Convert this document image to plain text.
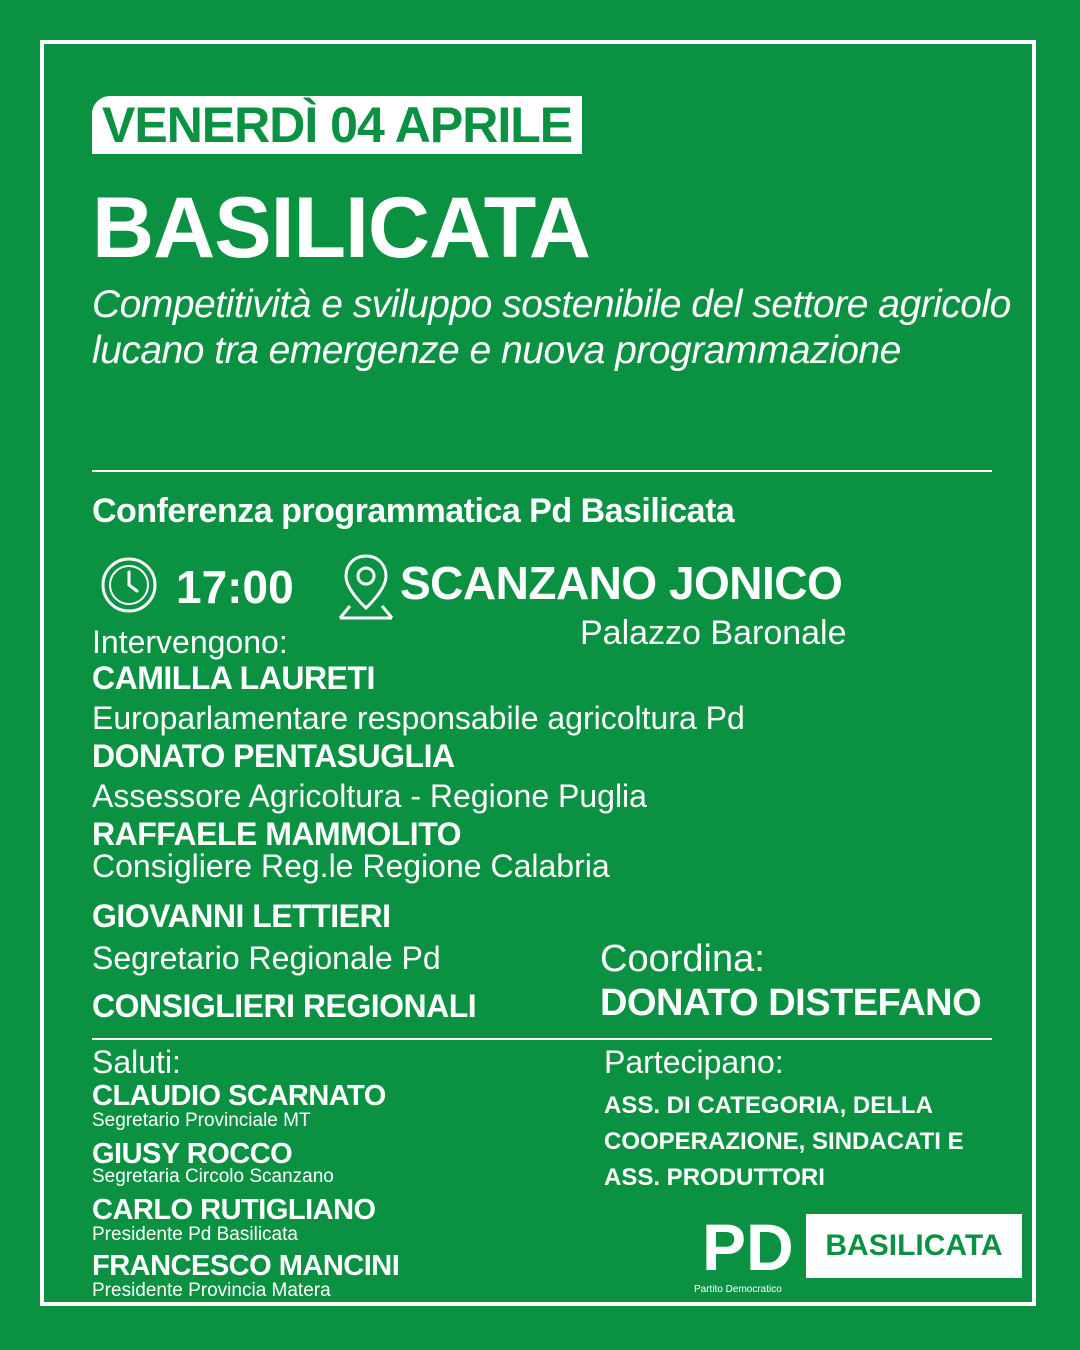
VENERDÌ 04 APRILE
BASILICATA
Competitività e sviluppo sostenibile del settore agricolo lucano tra emergenze e nuova programmazione
Conferenza programmatica Pd Basilicata
17:00 SCANZANO JONICO
Palazzo Baronale
Intervengono:
CAMILLA LAURETI
Europarlamentare responsabile agricoltura Pd
DONATO PENTASUGLIA
Assessore Agricoltura - Regione Puglia
RAFFAELE MAMMOLITO
Consigliere Reg.le Regione Calabria
GIOVANNI LETTIERI
Segretario Regionale Pd
CONSIGLIERI REGIONALI
Coordina:
DONATO DISTEFANO
Saluti:
CLAUDIO SCARNATO
Segretario Provinciale MT
GIUSY ROCCO
Segretaria Circolo Scanzano
CARLO RUTIGLIANO
Presidente Pd Basilicata
FRANCESCO MANCINI
Presidente Provincia Matera
Partecipano:
ASS. DI CATEGORIA, DELLA COOPERAZIONE, SINDACATI E ASS. PRODUTTORI
PD
Partito Democratico
BASILICATA
